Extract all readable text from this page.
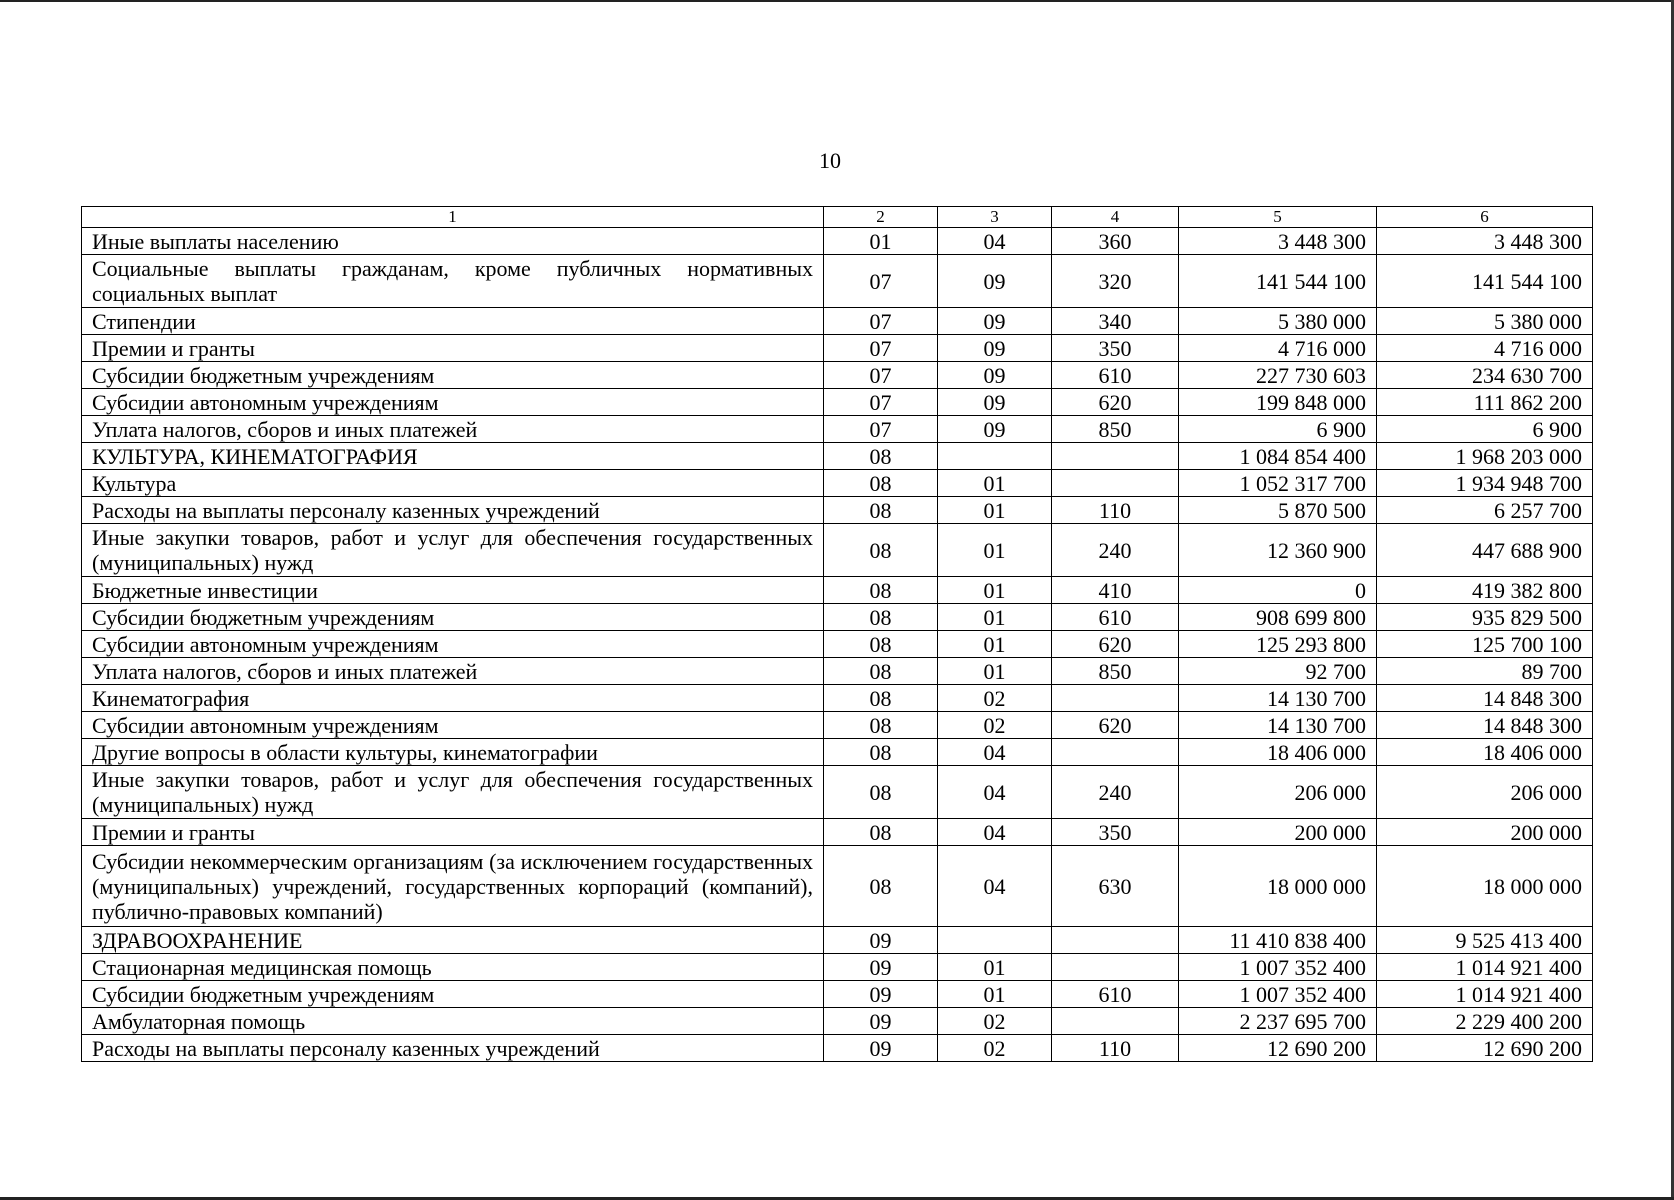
10
1	2	3	4	5	6
Иные выплаты населению	01	04	360	3 448 300	3 448 300
Социальные выплаты гражданам, кроме публичных нормативных социальных выплат	07	09	320	141 544 100	141 544 100
Стипендии	07	09	340	5 380 000	5 380 000
Премии и гранты	07	09	350	4 716 000	4 716 000
Субсидии бюджетным учреждениям	07	09	610	227 730 603	234 630 700
Субсидии автономным учреждениям	07	09	620	199 848 000	111 862 200
Уплата налогов, сборов и иных платежей	07	09	850	6 900	6 900
КУЛЬТУРА, КИНЕМАТОГРАФИЯ	08			1 084 854 400	1 968 203 000
Культура	08	01		1 052 317 700	1 934 948 700
Расходы на выплаты персоналу казенных учреждений	08	01	110	5 870 500	6 257 700
Иные закупки товаров, работ и услуг для обеспечения государственных (муниципальных) нужд	08	01	240	12 360 900	447 688 900
Бюджетные инвестиции	08	01	410	0	419 382 800
Субсидии бюджетным учреждениям	08	01	610	908 699 800	935 829 500
Субсидии автономным учреждениям	08	01	620	125 293 800	125 700 100
Уплата налогов, сборов и иных платежей	08	01	850	92 700	89 700
Кинематография	08	02		14 130 700	14 848 300
Субсидии автономным учреждениям	08	02	620	14 130 700	14 848 300
Другие вопросы в области культуры, кинематографии	08	04		18 406 000	18 406 000
Иные закупки товаров, работ и услуг для обеспечения государственных (муниципальных) нужд	08	04	240	206 000	206 000
Премии и гранты	08	04	350	200 000	200 000
Субсидии некоммерческим организациям (за исключением государственных (муниципальных) учреждений, государственных корпораций (компаний), публично-правовых компаний)	08	04	630	18 000 000	18 000 000
ЗДРАВООХРАНЕНИЕ	09			11 410 838 400	9 525 413 400
Стационарная медицинская помощь	09	01		1 007 352 400	1 014 921 400
Субсидии бюджетным учреждениям	09	01	610	1 007 352 400	1 014 921 400
Амбулаторная помощь	09	02		2 237 695 700	2 229 400 200
Расходы на выплаты персоналу казенных учреждений	09	02	110	12 690 200	12 690 200
